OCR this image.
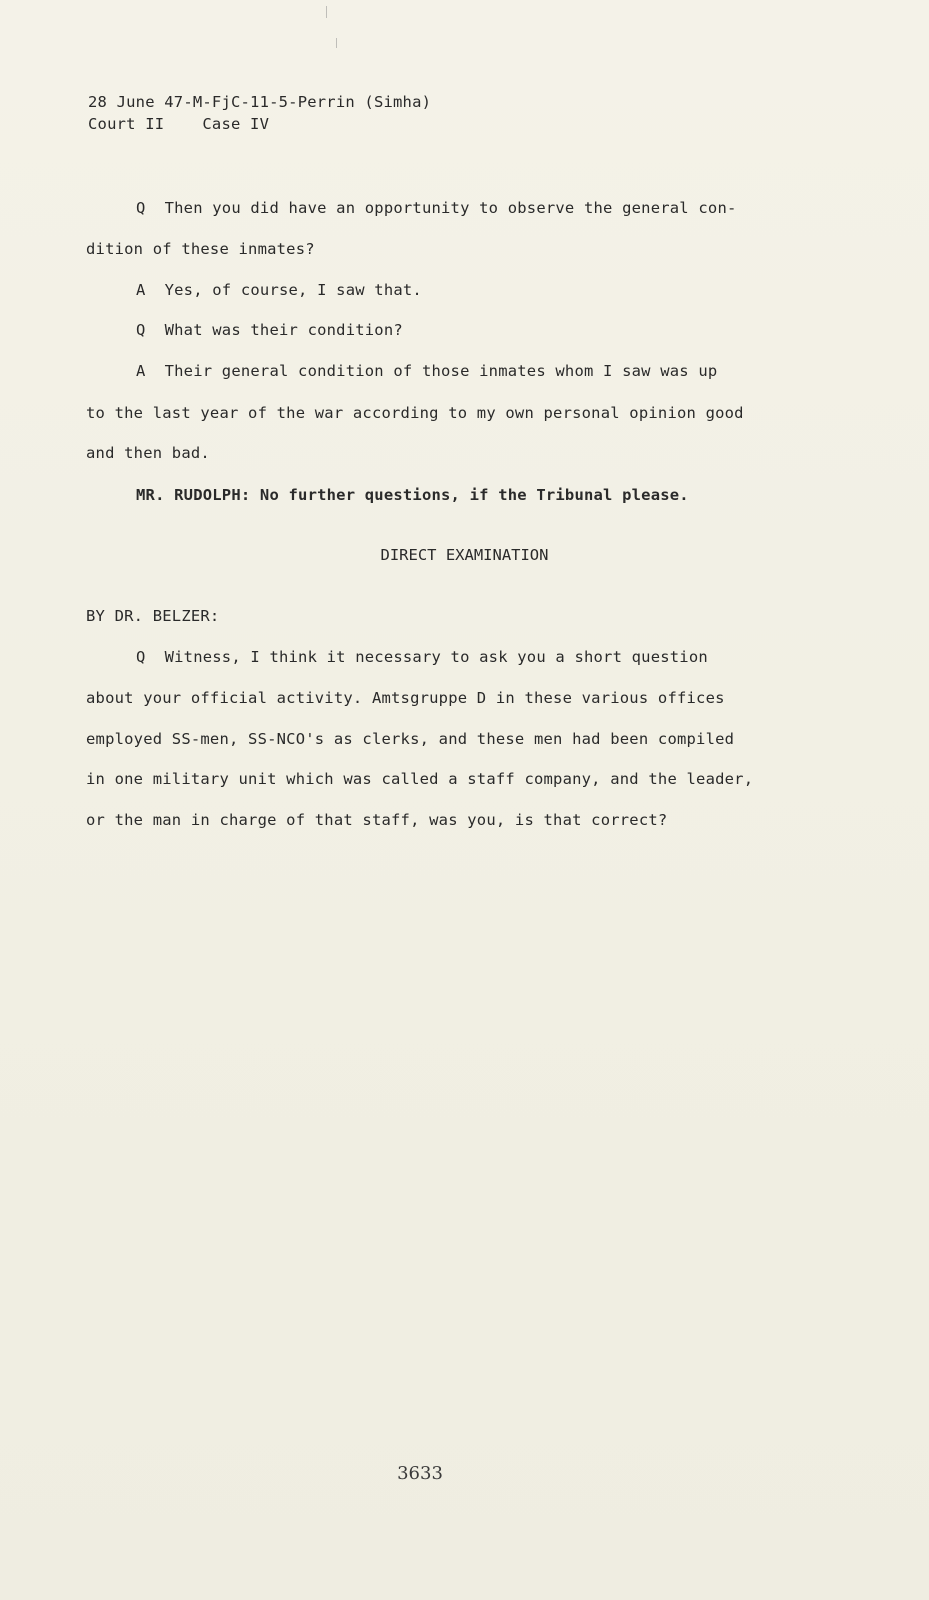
28 June 47-M-FjC-11-5-Perrin (Simha)
Court II    Case IV
Q  Then you did have an opportunity to observe the general con-
dition of these inmates?
A  Yes, of course, I saw that.
Q  What was their condition?
A  Their general condition of those inmates whom I saw was up
to the last year of the war according to my own personal opinion good
and then bad.
MR. RUDOLPH: No further questions, if the Tribunal please.
DIRECT EXAMINATION
BY DR. BELZER:
Q  Witness, I think it necessary to ask you a short question
about your official activity. Amtsgruppe D in these various offices
employed SS-men, SS-NCO's as clerks, and these men had been compiled
in one military unit which was called a staff company, and the leader,
or the man in charge of that staff, was you, is that correct?
3633
